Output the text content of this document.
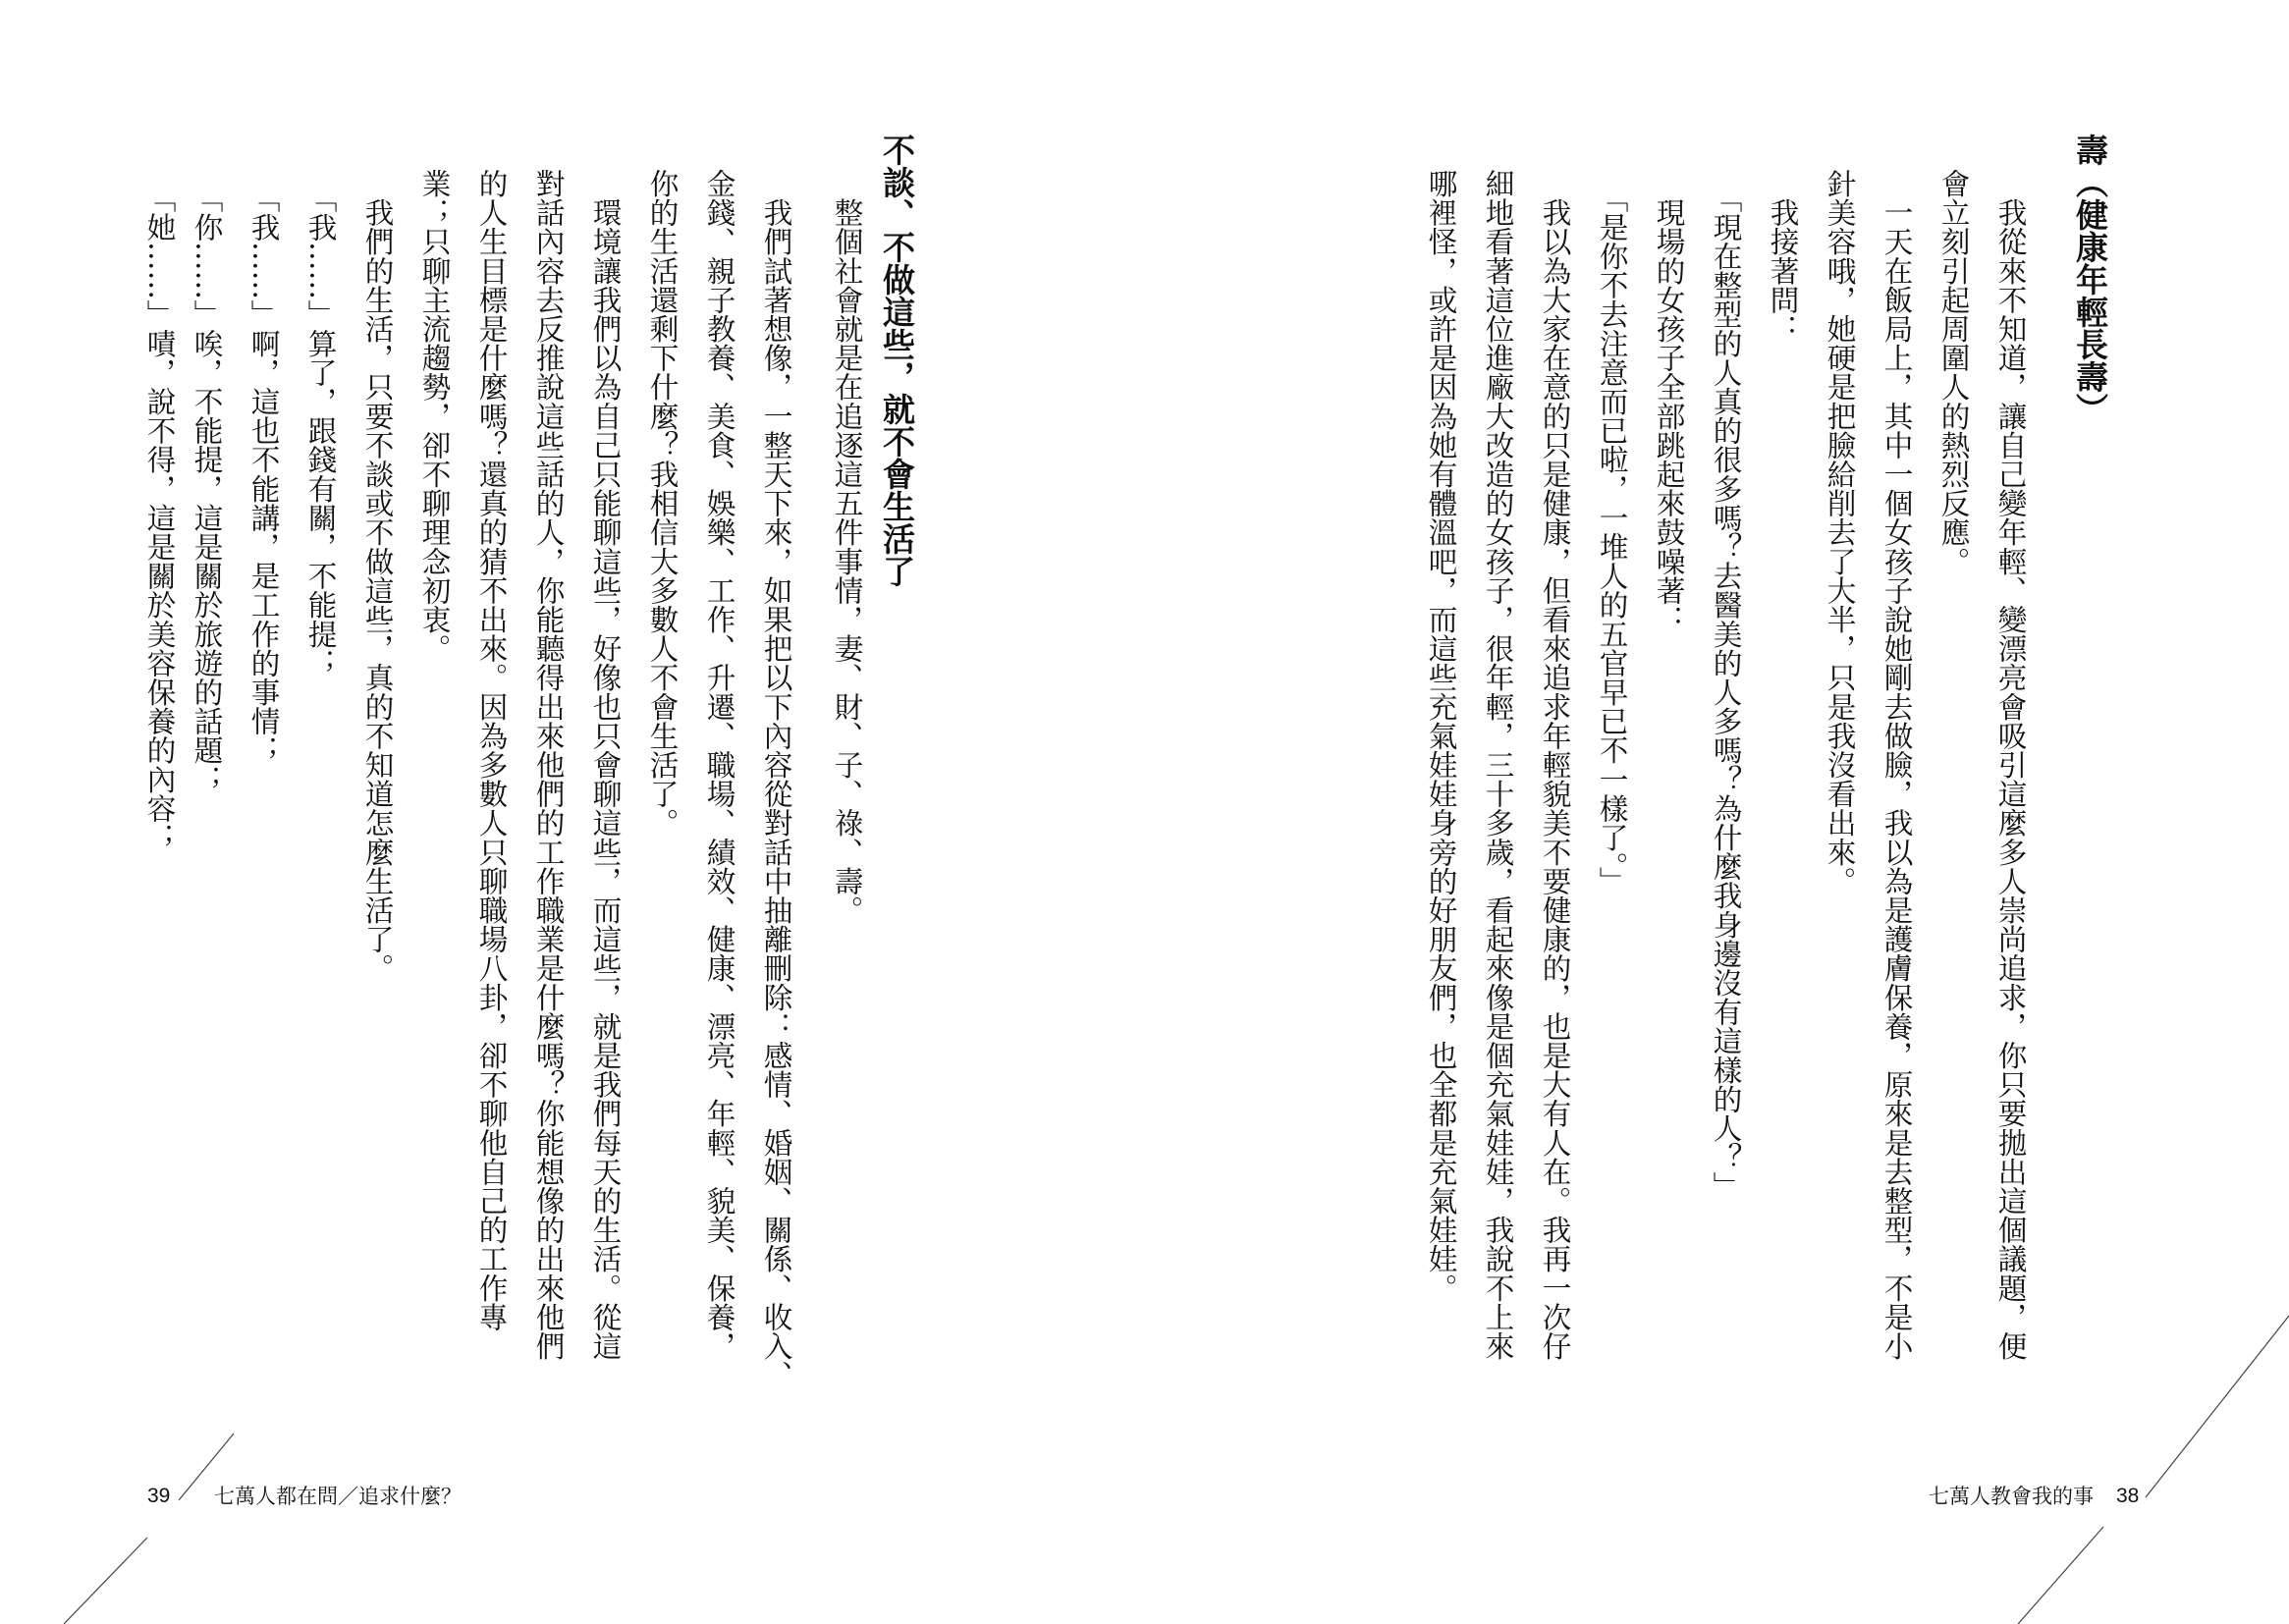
不談、不做這些，就不會生活了
　整個社會就是在追逐這五件事情，妻、財、子、祿、壽。
　我們試著想像，一整天下來，如果把以下內容從對話中抽離刪除：感情、婚姻、關係、收入、
金錢、親子教養、美食、娛樂、工作、升遷、職場、績效、健康、漂亮、年輕、貌美、保養，
你的生活還剩下什麼？我相信大多數人不會生活了。
　環境讓我們以為自己只能聊這些，好像也只會聊這些，而這些，就是我們每天的生活。從這
對話內容去反推說這些話的人，你能聽得出來他們的工作職業是什麼嗎？你能想像的出來他們
的人生目標是什麼嗎？還真的猜不出來。因為多數人只聊職場八卦，卻不聊他自己的工作專
業；只聊主流趨勢，卻不聊理念初衷。
　我們的生活，只要不談或不做這些，真的不知道怎麼生活了。
　「我……」算了，跟錢有關，不能提；
　「我……」啊，這也不能講，是工作的事情；
　「你……」唉，不能提，這是關於旅遊的話題；
　「她……」嘖，說不得，這是關於美容保養的內容；
39 七萬人都在問／追求什麼？
壽（健康年輕長壽）
　我從來不知道，讓自己變年輕、變漂亮會吸引這麼多人崇尚追求，你只要拋出這個議題，便
會立刻引起周圍人的熱烈反應。
　一天在飯局上，其中一個女孩子說她剛去做臉，我以為是護膚保養，原來是去整型，不是小
針美容哦，她硬是把臉給削去了大半，只是我沒看出來。
　我接著問：
　「現在整型的人真的很多嗎？去醫美的人多嗎？為什麼我身邊沒有這樣的人？」
　現場的女孩子全部跳起來鼓噪著：
　「是你不去注意而已啦，一堆人的五官早已不一樣了。」
　我以為大家在意的只是健康，但看來追求年輕貌美不要健康的，也是大有人在。我再一次仔
細地看著這位進廠大改造的女孩子，很年輕，三十多歲，看起來像是個充氣娃娃，我說不上來
哪裡怪，或許是因為她有體溫吧，而這些充氣娃娃身旁的好朋友們，也全都是充氣娃娃。
七萬人教會我的事 38
